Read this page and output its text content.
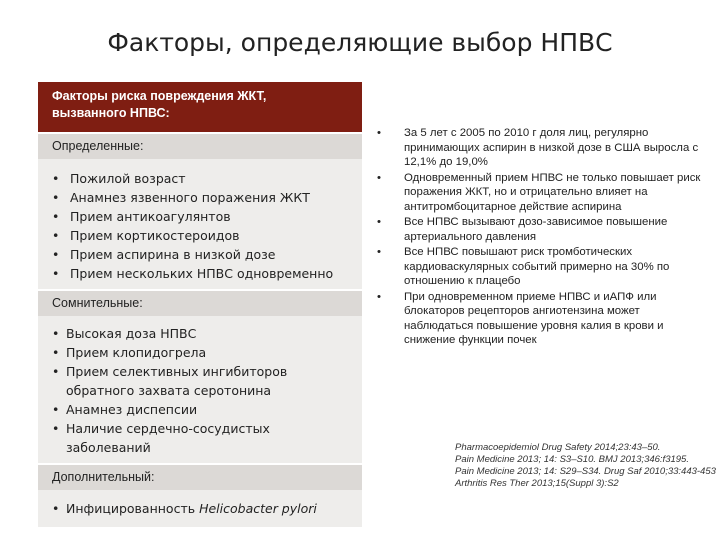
Факторы, определяющие выбор НПВС
Факторы риска повреждения ЖКТ,
вызванного НПВС:
Определенные:
• Пожилой возраст
• Анамнез язвенного поражения ЖКТ
• Прием антикоагулянтов
• Прием кортикостероидов
• Прием аспирина в низкой дозе
• Прием нескольких НПВС одновременно
Сомнительные:
• Высокая доза НПВС
• Прием клопидогрела
• Прием селективных ингибиторов обратного захвата серотонина
• Анамнез диспепсии
• Наличие сердечно-сосудистых заболеваний
Дополнительный:
• Инфицированность Helicobacter pylori
•	За 5 лет с 2005 по 2010 г доля лиц, регулярно принимающих аспирин в низкой дозе в США выросла с 12,1% до 19,0%
•	Одновременный прием НПВС не только повышает риск поражения ЖКТ, но и отрицательно влияет на антитромбоцитарное действие аспирина
•	Все НПВС вызывают дозо-зависимое повышение артериального давления
•	Все НПВС повышают риск тромботических кардиоваскулярных событий примерно на 30% по отношению к плацебо
•	При одновременном приеме НПВС и иАПФ или блокаторов рецепторов ангиотензина может наблюдаться повышение уровня калия в крови и снижение функции почек
Pharmacoepidemiol Drug Safety 2014;23:43–50.
Pain Medicine 2013; 14: S3–S10. BMJ 2013;346:f3195.
Pain Medicine 2013; 14: S29–S34. Drug Saf 2010;33:443-453
Arthritis Res Ther 2013;15(Suppl 3):S2
